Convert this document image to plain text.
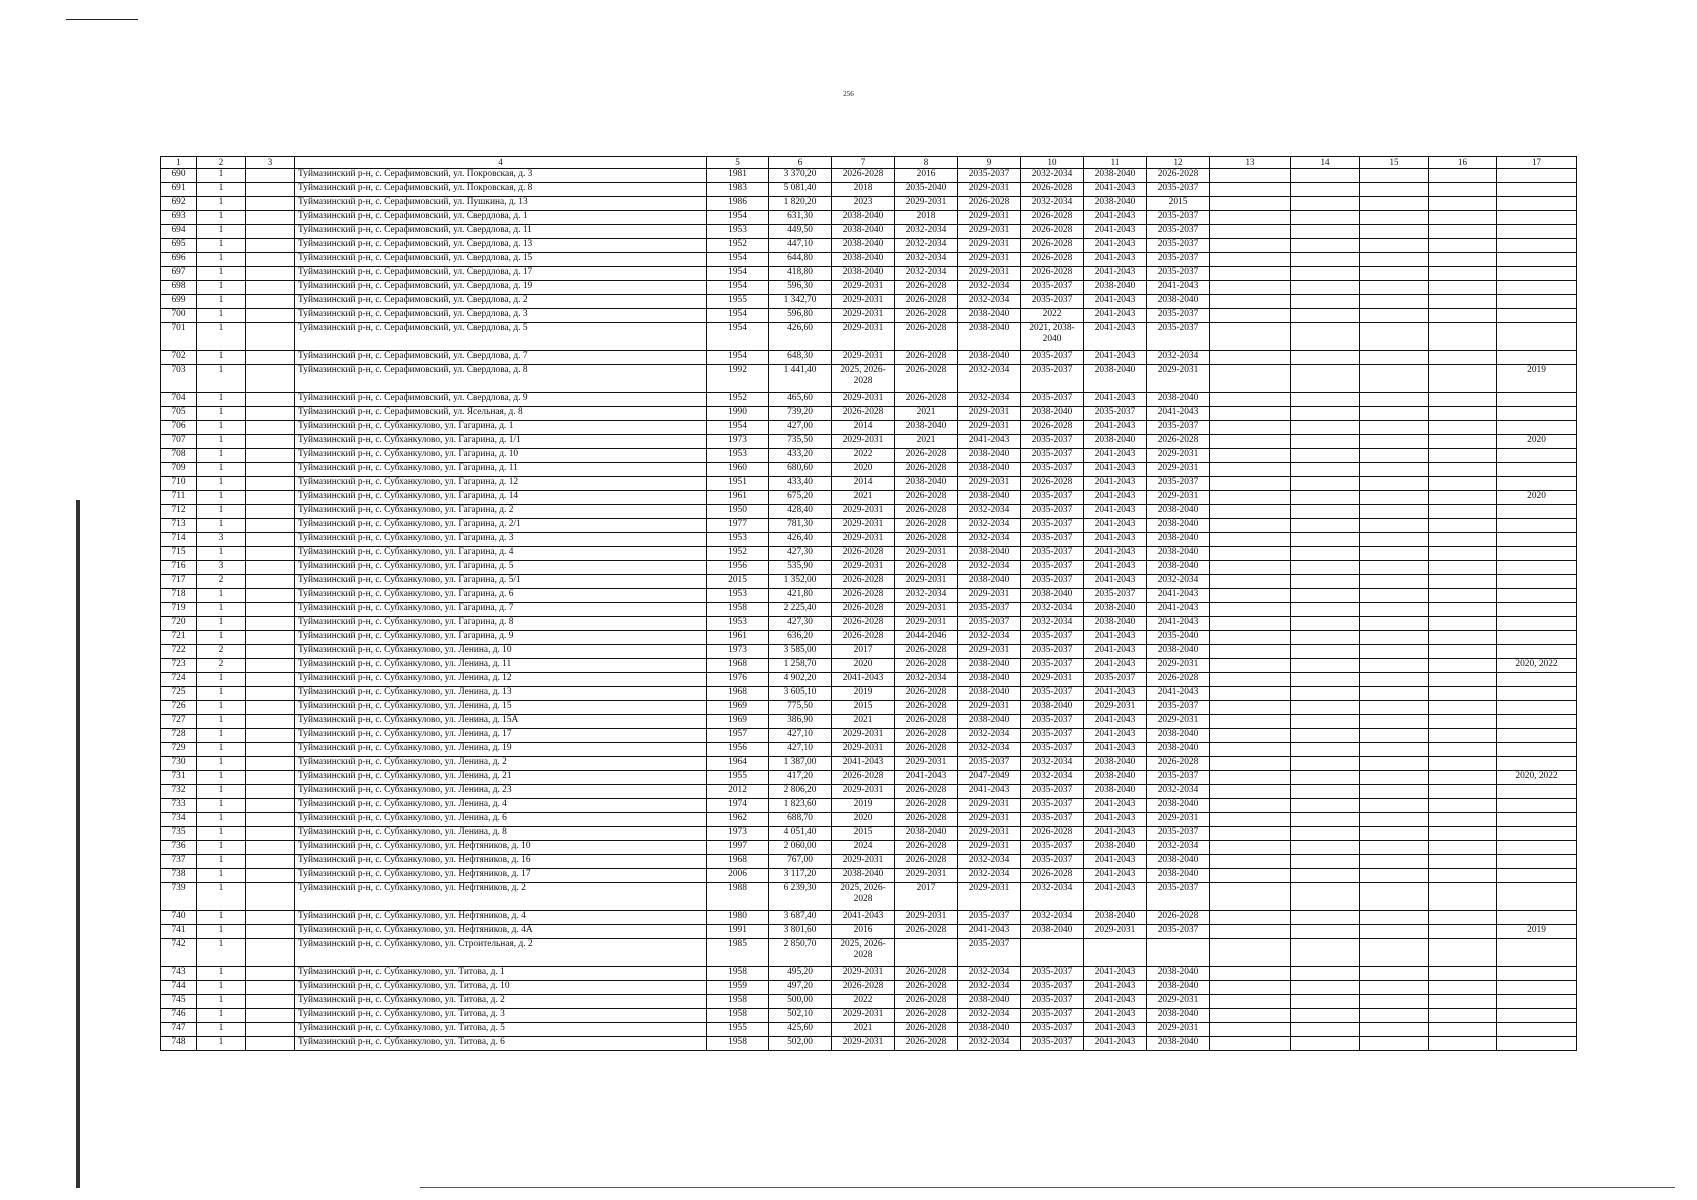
256
1	2	3	4	5	6	7	8	9	10	11	12	13	14	15	16	17
690	1		Туймазинский р-н, с. Серафимовский, ул. Покровская, д. 3	1981	3 370,20	2026-2028	2016	2035-2037	2032-2034	2038-2040	2026-2028					
691	1		Туймазинский р-н, с. Серафимовский, ул. Покровская, д. 8	1983	5 081,40	2018	2035-2040	2029-2031	2026-2028	2041-2043	2035-2037					
692	1		Туймазинский р-н, с. Серафимовский, ул. Пушкина, д. 13	1986	1 820,20	2023	2029-2031	2026-2028	2032-2034	2038-2040	2015					
693	1		Туймазинский р-н, с. Серафимовский, ул. Свердлова, д. 1	1954	631,30	2038-2040	2018	2029-2031	2026-2028	2041-2043	2035-2037					
694	1		Туймазинский р-н, с. Серафимовский, ул. Свердлова, д. 11	1953	449,50	2038-2040	2032-2034	2029-2031	2026-2028	2041-2043	2035-2037					
695	1		Туймазинский р-н, с. Серафимовский, ул. Свердлова, д. 13	1952	447,10	2038-2040	2032-2034	2029-2031	2026-2028	2041-2043	2035-2037					
696	1		Туймазинский р-н, с. Серафимовский, ул. Свердлова, д. 15	1954	644,80	2038-2040	2032-2034	2029-2031	2026-2028	2041-2043	2035-2037					
697	1		Туймазинский р-н, с. Серафимовский, ул. Свердлова, д. 17	1954	418,80	2038-2040	2032-2034	2029-2031	2026-2028	2041-2043	2035-2037					
698	1		Туймазинский р-н, с. Серафимовский, ул. Свердлова, д. 19	1954	596,30	2029-2031	2026-2028	2032-2034	2035-2037	2038-2040	2041-2043					
699	1		Туймазинский р-н, с. Серафимовский, ул. Свердлова, д. 2	1955	1 342,70	2029-2031	2026-2028	2032-2034	2035-2037	2041-2043	2038-2040					
700	1		Туймазинский р-н, с. Серафимовский, ул. Свердлова, д. 3	1954	596,80	2029-2031	2026-2028	2038-2040	2022	2041-2043	2035-2037					
701	1		Туймазинский р-н, с. Серафимовский, ул. Свердлова, д. 5	1954	426,60	2029-2031	2026-2028	2038-2040	2021, 2038-2040	2041-2043	2035-2037					
702	1		Туймазинский р-н, с. Серафимовский, ул. Свердлова, д. 7	1954	648,30	2029-2031	2026-2028	2038-2040	2035-2037	2041-2043	2032-2034					
703	1		Туймазинский р-н, с. Серафимовский, ул. Свердлова, д. 8	1992	1 441,40	2025, 2026-2028	2026-2028	2032-2034	2035-2037	2038-2040	2029-2031					2019
704	1		Туймазинский р-н, с. Серафимовский, ул. Свердлова, д. 9	1952	465,60	2029-2031	2026-2028	2032-2034	2035-2037	2041-2043	2038-2040					
705	1		Туймазинский р-н, с. Серафимовский, ул. Ясельная, д. 8	1990	739,20	2026-2028	2021	2029-2031	2038-2040	2035-2037	2041-2043					
706	1		Туймазинский р-н, с. Субханкулово, ул. Гагарина, д. 1	1954	427,00	2014	2038-2040	2029-2031	2026-2028	2041-2043	2035-2037					
707	1		Туймазинский р-н, с. Субханкулово, ул. Гагарина, д. 1/1	1973	735,50	2029-2031	2021	2041-2043	2035-2037	2038-2040	2026-2028					2020
708	1		Туймазинский р-н, с. Субханкулово, ул. Гагарина, д. 10	1953	433,20	2022	2026-2028	2038-2040	2035-2037	2041-2043	2029-2031					
709	1		Туймазинский р-н, с. Субханкулово, ул. Гагарина, д. 11	1960	680,60	2020	2026-2028	2038-2040	2035-2037	2041-2043	2029-2031					
710	1		Туймазинский р-н, с. Субханкулово, ул. Гагарина, д. 12	1951	433,40	2014	2038-2040	2029-2031	2026-2028	2041-2043	2035-2037					
711	1		Туймазинский р-н, с. Субханкулово, ул. Гагарина, д. 14	1961	675,20	2021	2026-2028	2038-2040	2035-2037	2041-2043	2029-2031					2020
712	1		Туймазинский р-н, с. Субханкулово, ул. Гагарина, д. 2	1950	428,40	2029-2031	2026-2028	2032-2034	2035-2037	2041-2043	2038-2040					
713	1		Туймазинский р-н, с. Субханкулово, ул. Гагарина, д. 2/1	1977	781,30	2029-2031	2026-2028	2032-2034	2035-2037	2041-2043	2038-2040					
714	3		Туймазинский р-н, с. Субханкулово, ул. Гагарина, д. 3	1953	426,40	2029-2031	2026-2028	2032-2034	2035-2037	2041-2043	2038-2040					
715	1		Туймазинский р-н, с. Субханкулово, ул. Гагарина, д. 4	1952	427,30	2026-2028	2029-2031	2038-2040	2035-2037	2041-2043	2038-2040					
716	3		Туймазинский р-н, с. Субханкулово, ул. Гагарина, д. 5	1956	535,90	2029-2031	2026-2028	2032-2034	2035-2037	2041-2043	2038-2040					
717	2		Туймазинский р-н, с. Субханкулово, ул. Гагарина, д. 5/1	2015	1 352,00	2026-2028	2029-2031	2038-2040	2035-2037	2041-2043	2032-2034					
718	1		Туймазинский р-н, с. Субханкулово, ул. Гагарина, д. 6	1953	421,80	2026-2028	2032-2034	2029-2031	2038-2040	2035-2037	2041-2043					
719	1		Туймазинский р-н, с. Субханкулово, ул. Гагарина, д. 7	1958	2 225,40	2026-2028	2029-2031	2035-2037	2032-2034	2038-2040	2041-2043					
720	1		Туймазинский р-н, с. Субханкулово, ул. Гагарина, д. 8	1953	427,30	2026-2028	2029-2031	2035-2037	2032-2034	2038-2040	2041-2043					
721	1		Туймазинский р-н, с. Субханкулово, ул. Гагарина, д. 9	1961	636,20	2026-2028	2044-2046	2032-2034	2035-2037	2041-2043	2035-2040					
722	2		Туймазинский р-н, с. Субханкулово, ул. Ленина, д. 10	1973	3 585,00	2017	2026-2028	2029-2031	2035-2037	2041-2043	2038-2040					
723	2		Туймазинский р-н, с. Субханкулово, ул. Ленина, д. 11	1968	1 258,70	2020	2026-2028	2038-2040	2035-2037	2041-2043	2029-2031					2020, 2022
724	1		Туймазинский р-н, с. Субханкулово, ул. Ленина, д. 12	1976	4 902,20	2041-2043	2032-2034	2038-2040	2029-2031	2035-2037	2026-2028					
725	1		Туймазинский р-н, с. Субханкулово, ул. Ленина, д. 13	1968	3 605,10	2019	2026-2028	2038-2040	2035-2037	2041-2043	2041-2043					
726	1		Туймазинский р-н, с. Субханкулово, ул. Ленина, д. 15	1969	775,50	2015	2026-2028	2029-2031	2038-2040	2029-2031	2035-2037					
727	1		Туймазинский р-н, с. Субханкулово, ул. Ленина, д. 15А	1969	386,90	2021	2026-2028	2038-2040	2035-2037	2041-2043	2029-2031					
728	1		Туймазинский р-н, с. Субханкулово, ул. Ленина, д. 17	1957	427,10	2029-2031	2026-2028	2032-2034	2035-2037	2041-2043	2038-2040					
729	1		Туймазинский р-н, с. Субханкулово, ул. Ленина, д. 19	1956	427,10	2029-2031	2026-2028	2032-2034	2035-2037	2041-2043	2038-2040					
730	1		Туймазинский р-н, с. Субханкулово, ул. Ленина, д. 2	1964	1 387,00	2041-2043	2029-2031	2035-2037	2032-2034	2038-2040	2026-2028					
731	1		Туймазинский р-н, с. Субханкулово, ул. Ленина, д. 21	1955	417,20	2026-2028	2041-2043	2047-2049	2032-2034	2038-2040	2035-2037					2020, 2022
732	1		Туймазинский р-н, с. Субханкулово, ул. Ленина, д. 23	2012	2 806,20	2029-2031	2026-2028	2041-2043	2035-2037	2038-2040	2032-2034					
733	1		Туймазинский р-н, с. Субханкулово, ул. Ленина, д. 4	1974	1 823,60	2019	2026-2028	2029-2031	2035-2037	2041-2043	2038-2040					
734	1		Туймазинский р-н, с. Субханкулово, ул. Ленина, д. 6	1962	688,70	2020	2026-2028	2029-2031	2035-2037	2041-2043	2029-2031					
735	1		Туймазинский р-н, с. Субханкулово, ул. Ленина, д. 8	1973	4 051,40	2015	2038-2040	2029-2031	2026-2028	2041-2043	2035-2037					
736	1		Туймазинский р-н, с. Субханкулово, ул. Нефтяников, д. 10	1997	2 060,00	2024	2026-2028	2029-2031	2035-2037	2038-2040	2032-2034					
737	1		Туймазинский р-н, с. Субханкулово, ул. Нефтяников, д. 16	1968	767,00	2029-2031	2026-2028	2032-2034	2035-2037	2041-2043	2038-2040					
738	1		Туймазинский р-н, с. Субханкулово, ул. Нефтяников, д. 17	2006	3 117,20	2038-2040	2029-2031	2032-2034	2026-2028	2041-2043	2038-2040					
739	1		Туймазинский р-н, с. Субханкулово, ул. Нефтяников, д. 2	1988	6 239,30	2025, 2026-2028	2017	2029-2031	2032-2034	2041-2043	2035-2037					
740	1		Туймазинский р-н, с. Субханкулово, ул. Нефтяников, д. 4	1980	3 687,40	2041-2043	2029-2031	2035-2037	2032-2034	2038-2040	2026-2028					
741	1		Туймазинский р-н, с. Субханкулово, ул. Нефтяников, д. 4А	1991	3 801,60	2016	2026-2028	2041-2043	2038-2040	2029-2031	2035-2037					2019
742	1		Туймазинский р-н, с. Субханкулово, ул. Строительная, д. 2	1985	2 850,70	2025, 2026-2028		2035-2037								
743	1		Туймазинский р-н, с. Субханкулово, ул. Титова, д. 1	1958	495,20	2029-2031	2026-2028	2032-2034	2035-2037	2041-2043	2038-2040					
744	1		Туймазинский р-н, с. Субханкулово, ул. Титова, д. 10	1959	497,20	2026-2028	2026-2028	2032-2034	2035-2037	2041-2043	2038-2040					
745	1		Туймазинский р-н, с. Субханкулово, ул. Титова, д. 2	1958	500,00	2022	2026-2028	2038-2040	2035-2037	2041-2043	2029-2031					
746	1		Туймазинский р-н, с. Субханкулово, ул. Титова, д. 3	1958	502,10	2029-2031	2026-2028	2032-2034	2035-2037	2041-2043	2038-2040					
747	1		Туймазинский р-н, с. Субханкулово, ул. Титова, д. 5	1955	425,60	2021	2026-2028	2038-2040	2035-2037	2041-2043	2029-2031					
748	1		Туймазинский р-н, с. Субханкулово, ул. Титова, д. 6	1958	502,00	2029-2031	2026-2028	2032-2034	2035-2037	2041-2043	2038-2040					
